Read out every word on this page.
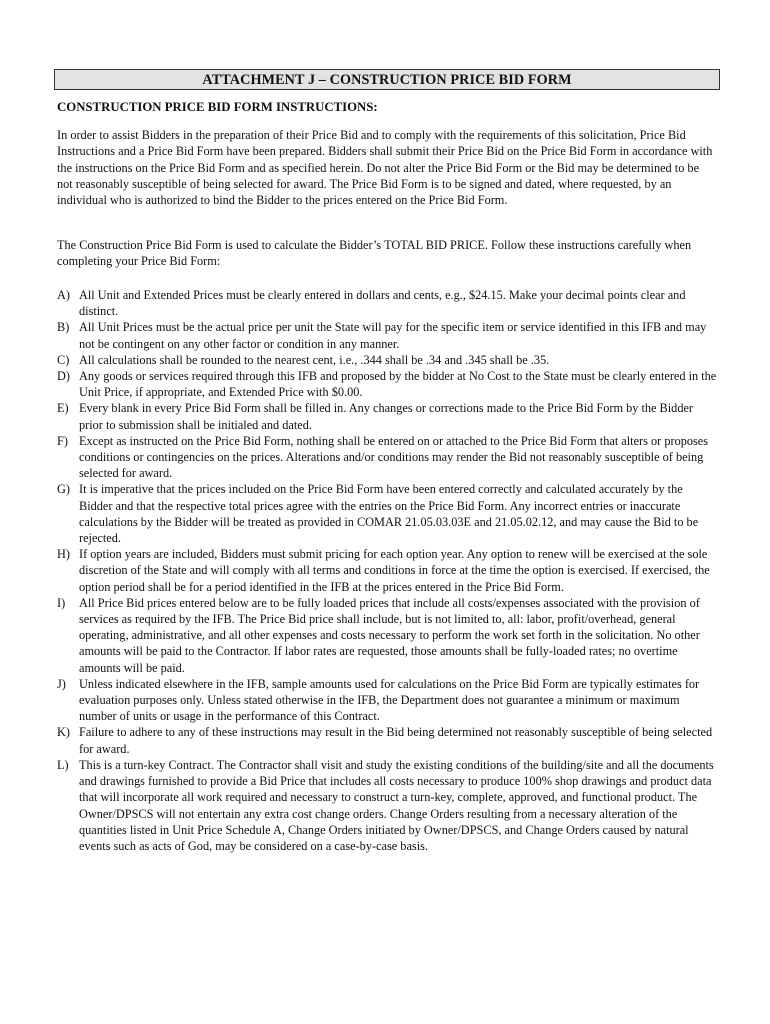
ATTACHMENT J – CONSTRUCTION PRICE BID FORM
CONSTRUCTION PRICE BID FORM INSTRUCTIONS:

In order to assist Bidders in the preparation of their Price Bid and to comply with the requirements of this solicitation, Price Bid Instructions and a Price Bid Form have been prepared. Bidders shall submit their Price Bid on the Price Bid Form in accordance with the instructions on the Price Bid Form and as specified herein. Do not alter the Price Bid Form or the Bid may be determined to be not reasonably susceptible of being selected for award. The Price Bid Form is to be signed and dated, where requested, by an individual who is authorized to bind the Bidder to the prices entered on the Price Bid Form.

The Construction Price Bid Form is used to calculate the Bidder’s TOTAL BID PRICE. Follow these instructions carefully when completing your Price Bid Form:

A) All Unit and Extended Prices must be clearly entered in dollars and cents, e.g., $24.15. Make your decimal points clear and distinct.
B) All Unit Prices must be the actual price per unit the State will pay for the specific item or service identified in this IFB and may not be contingent on any other factor or condition in any manner.
C) All calculations shall be rounded to the nearest cent, i.e., .344 shall be .34 and .345 shall be .35.
D) Any goods or services required through this IFB and proposed by the bidder at No Cost to the State must be clearly entered in the Unit Price, if appropriate, and Extended Price with $0.00.
E) Every blank in every Price Bid Form shall be filled in. Any changes or corrections made to the Price Bid Form by the Bidder prior to submission shall be initialed and dated.
F) Except as instructed on the Price Bid Form, nothing shall be entered on or attached to the Price Bid Form that alters or proposes conditions or contingencies on the prices. Alterations and/or conditions may render the Bid not reasonably susceptible of being selected for award.
G) It is imperative that the prices included on the Price Bid Form have been entered correctly and calculated accurately by the Bidder and that the respective total prices agree with the entries on the Price Bid Form. Any incorrect entries or inaccurate calculations by the Bidder will be treated as provided in COMAR 21.05.03.03E and 21.05.02.12, and may cause the Bid to be rejected.
H) If option years are included, Bidders must submit pricing for each option year. Any option to renew will be exercised at the sole discretion of the State and will comply with all terms and conditions in force at the time the option is exercised. If exercised, the option period shall be for a period identified in the IFB at the prices entered in the Price Bid Form.
I)	All Price Bid prices entered below are to be fully loaded prices that include all costs/expenses associated with the provision of services as required by the IFB. The Price Bid price shall include, but is not limited to, all: labor, profit/overhead, general operating, administrative, and all other expenses and costs necessary to perform the work set forth in the solicitation. No other amounts will be paid to the Contractor. If labor rates are requested, those amounts shall be fully-loaded rates; no overtime amounts will be paid.
J)	Unless indicated elsewhere in the IFB, sample amounts used for calculations on the Price Bid Form are typically estimates for evaluation purposes only. Unless stated otherwise in the IFB, the Department does not guarantee a minimum or maximum number of units or usage in the performance of this Contract.
K) Failure to adhere to any of these instructions may result in the Bid being determined not reasonably susceptible of being selected for award.
L) This is a turn-key Contract. The Contractor shall visit and study the existing conditions of the building/site and all the documents and drawings furnished to provide a Bid Price that includes all costs necessary to produce 100% shop drawings and product data that will incorporate all work required and necessary to construct a turn-key, complete, approved, and functional product. The Owner/DPSCS will not entertain any extra cost change orders. Change Orders resulting from a necessary alteration of the quantities listed in Unit Price Schedule A, Change Orders initiated by Owner/DPSCS, and Change Orders caused by natural events such as acts of God, may be considered on a case-by-case basis.
